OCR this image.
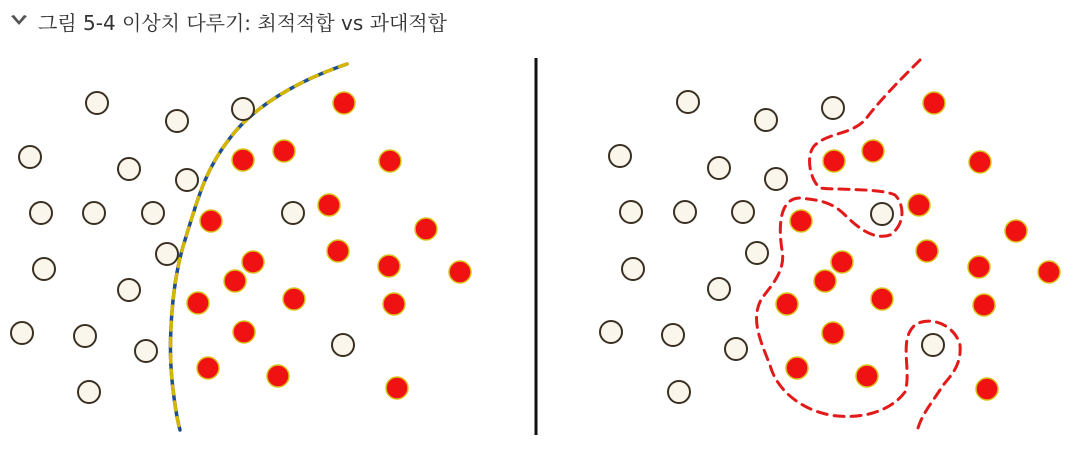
그림 5-4 이상치 다루기: 최적적합 vs 과대적합
